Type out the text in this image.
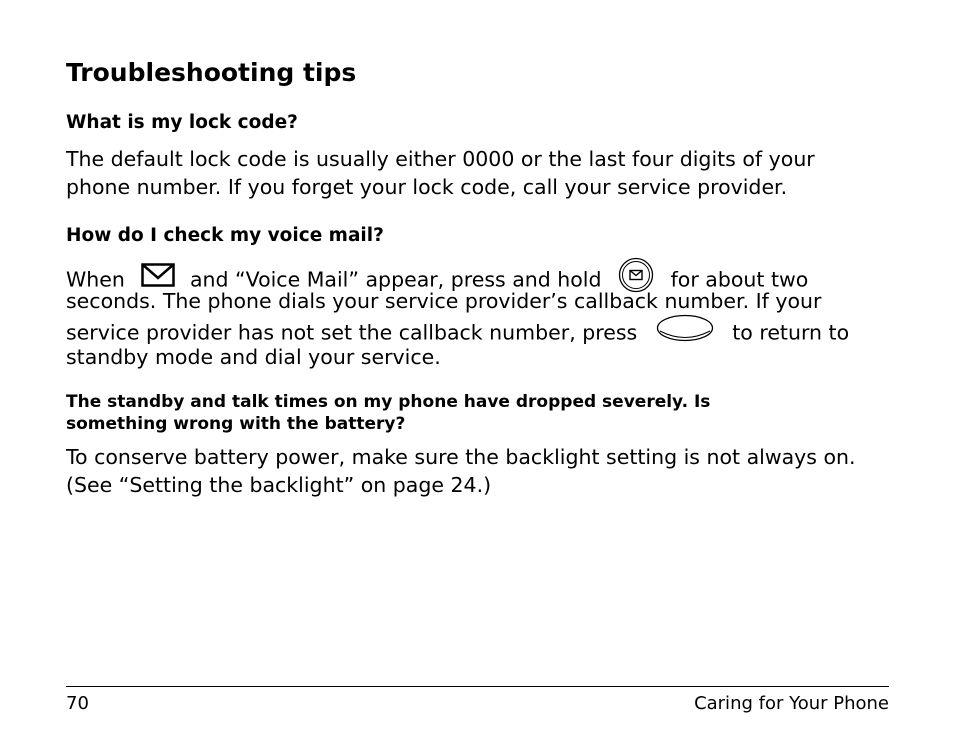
Troubleshooting tips
What is my lock code?

The default lock code is usually either 0000 or the last four digits of your
phone number. If you forget your lock code, call your service provider.

How do I check my voice mail?

When	and “Voice Mail” appear, press and hold	for about two
seconds. The phone dials your service provider’s callback number. If your
service provider has not set the callback number, press	to return to
standby mode and dial your service.

The standby and talk times on my phone have dropped severely. Is
something wrong with the battery?

To conserve battery power, make sure the backlight setting is not always on.
(See “Setting the backlight” on page 24.)

70	Caring for Your Phone
